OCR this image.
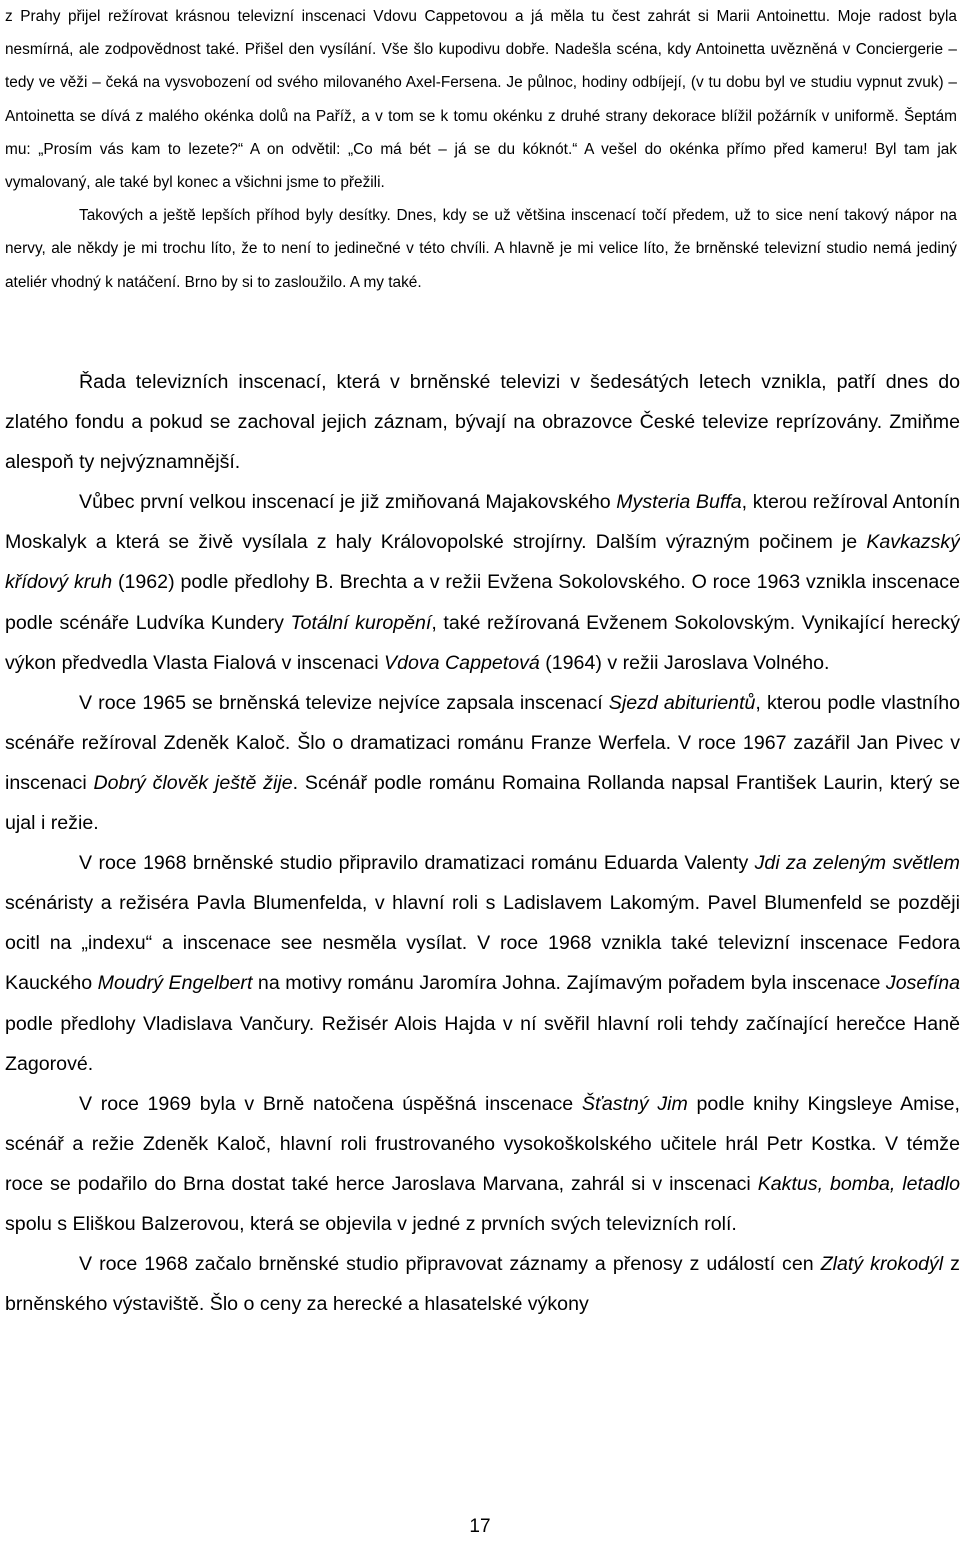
z Prahy přijel režírovat krásnou televizní inscenaci Vdovu Cappetovou a já měla tu čest zahrát si Marii Antoinettu. Moje radost byla nesmírná, ale zodpovědnost také. Přišel den vysílání. Vše šlo kupodivu dobře. Nadešla scéna, kdy Antoinetta uvězněná v Conciergerie – tedy ve věži – čeká na vysvobození od svého milovaného Axel-Fersena. Je půlnoc, hodiny odbíjejí, (v tu dobu byl ve studiu vypnut zvuk) – Antoinetta se dívá z malého okénka dolů na Paříž, a v tom se k tomu okénku z druhé strany dekorace blížil požárník v uniformě. Šeptám mu: „Prosím vás kam to lezete?“ A on odvětil: „Co má bét – já se du kóknót.“ A vešel do okénka přímo před kameru! Byl tam jak vymalovaný, ale také byl konec a všichni jsme to přežili.

Takových a ještě lepších příhod byly desítky. Dnes, kdy se už většina inscenací točí předem, už to sice není takový nápor na nervy, ale někdy je mi trochu líto, že to není to jedinečné v této chvíli. A hlavně je mi velice líto, že brněnské televizní studio nemá jediný ateliér vhodný k natáčení. Brno by si to zasloužilo. A my také.

Řada televizních inscenací, která v brněnské televizi v šedesátých letech vznikla, patří dnes do zlatého fondu a pokud se zachoval jejich záznam, bývají na obrazovce České televize reprízovány. Zmiňme alespoň ty nejvýznamnější.

Vůbec první velkou inscenací je již zmiňovaná Majakovského Mysteria Buffa, kterou režíroval Antonín Moskalyk a která se živě vysílala z haly Královopolské strojírny. Dalším výrazným počinem je Kavkazský křídový kruh (1962) podle předlohy B. Brechta a v režii Evžena Sokolovského. O roce 1963 vznikla inscenace podle scénáře Ludvíka Kundery Totální kuropění, také režírovaná Evženem Sokolovským. Vynikající herecký výkon předvedla Vlasta Fialová v inscenaci Vdova Cappetová (1964) v režii Jaroslava Volného.

V roce 1965 se brněnská televize nejvíce zapsala inscenací Sjezd abiturientů, kterou podle vlastního scénáře režíroval Zdeněk Kaloč. Šlo o dramatizaci románu Franze Werfela. V roce 1967 zazářil Jan Pivec v inscenaci Dobrý člověk ještě žije. Scénář podle románu Romaina Rollanda napsal František Laurin, který se ujal i režie.

V roce 1968 brněnské studio připravilo dramatizaci románu Eduarda Valenty Jdi za zeleným světlem scénáristy a režiséra Pavla Blumenfelda, v hlavní roli s Ladislavem Lakomým. Pavel Blumenfeld se později ocitl na „indexu“ a inscenace see nesměla vysílat. V roce 1968 vznikla také televizní inscenace Fedora Kauckého Moudrý Engelbert na motivy románu Jaromíra Johna. Zajímavým pořadem byla inscenace Josefína podle předlohy Vladislava Vančury. Režisér Alois Hajda v ní svěřil hlavní roli tehdy začínající herečce Haně Zagorové.

V roce 1969 byla v Brně natočena úspěšná inscenace Šťastný Jim podle knihy Kingsleye Amise, scénář a režie Zdeněk Kaloč, hlavní roli frustrovaného vysokoškolského učitele hrál Petr Kostka. V témže roce se podařilo do Brna dostat také herce Jaroslava Marvana, zahrál si v inscenaci Kaktus, bomba, letadlo spolu s Eliškou Balzerovou, která se objevila v jedné z prvních svých televizních rolí.

V roce 1968 začalo brněnské studio připravovat záznamy a přenosy z událostí cen Zlatý krokodýl z brněnského výstaviště. Šlo o ceny za herecké a hlasatelské výkony

17
